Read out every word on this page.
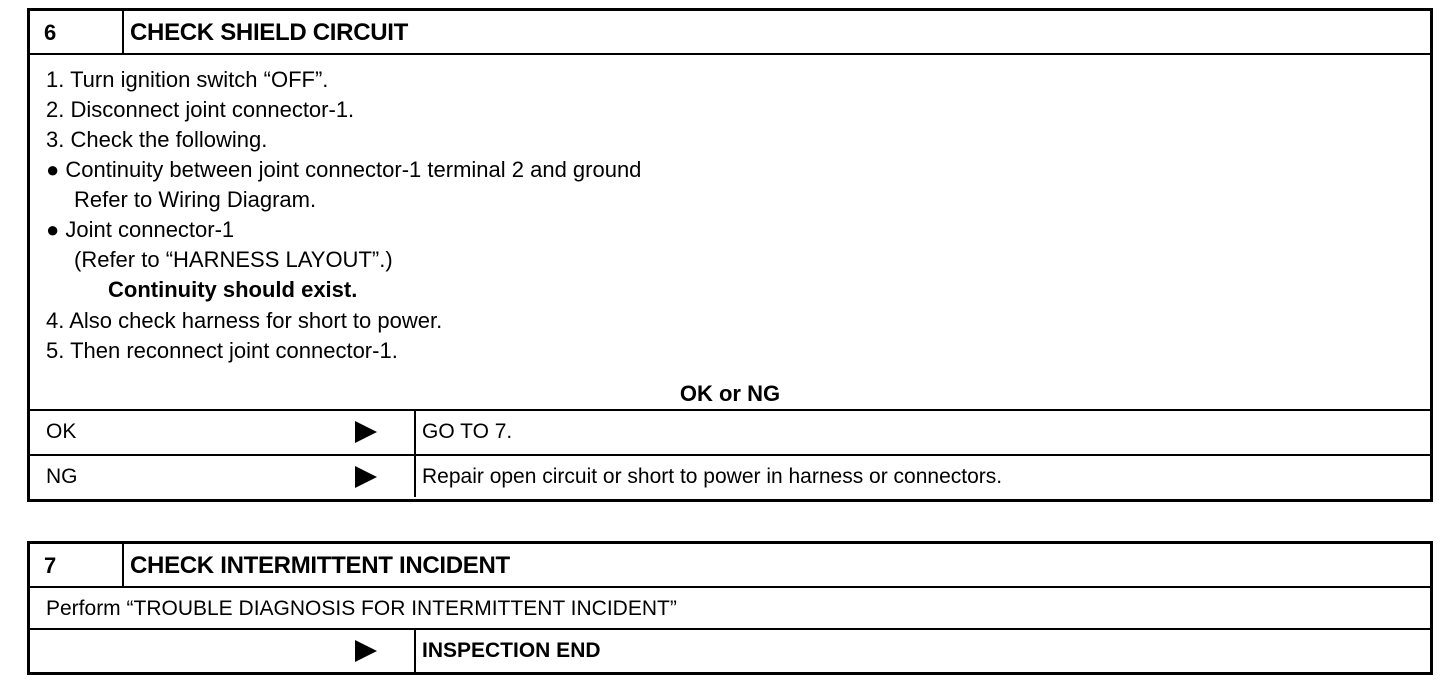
6	CHECK SHIELD CIRCUIT
1. Turn ignition switch “OFF”.
2. Disconnect joint connector-1.
3. Check the following.
● Continuity between joint connector-1 terminal 2 and ground
Refer to Wiring Diagram.
● Joint connector-1
(Refer to “HARNESS LAYOUT”.)
Continuity should exist.
4. Also check harness for short to power.
5. Then reconnect joint connector-1.
OK or NG
OK	GO TO 7.
NG	Repair open circuit or short to power in harness or connectors.
7	CHECK INTERMITTENT INCIDENT
Perform “TROUBLE DIAGNOSIS FOR INTERMITTENT INCIDENT”
INSPECTION END
